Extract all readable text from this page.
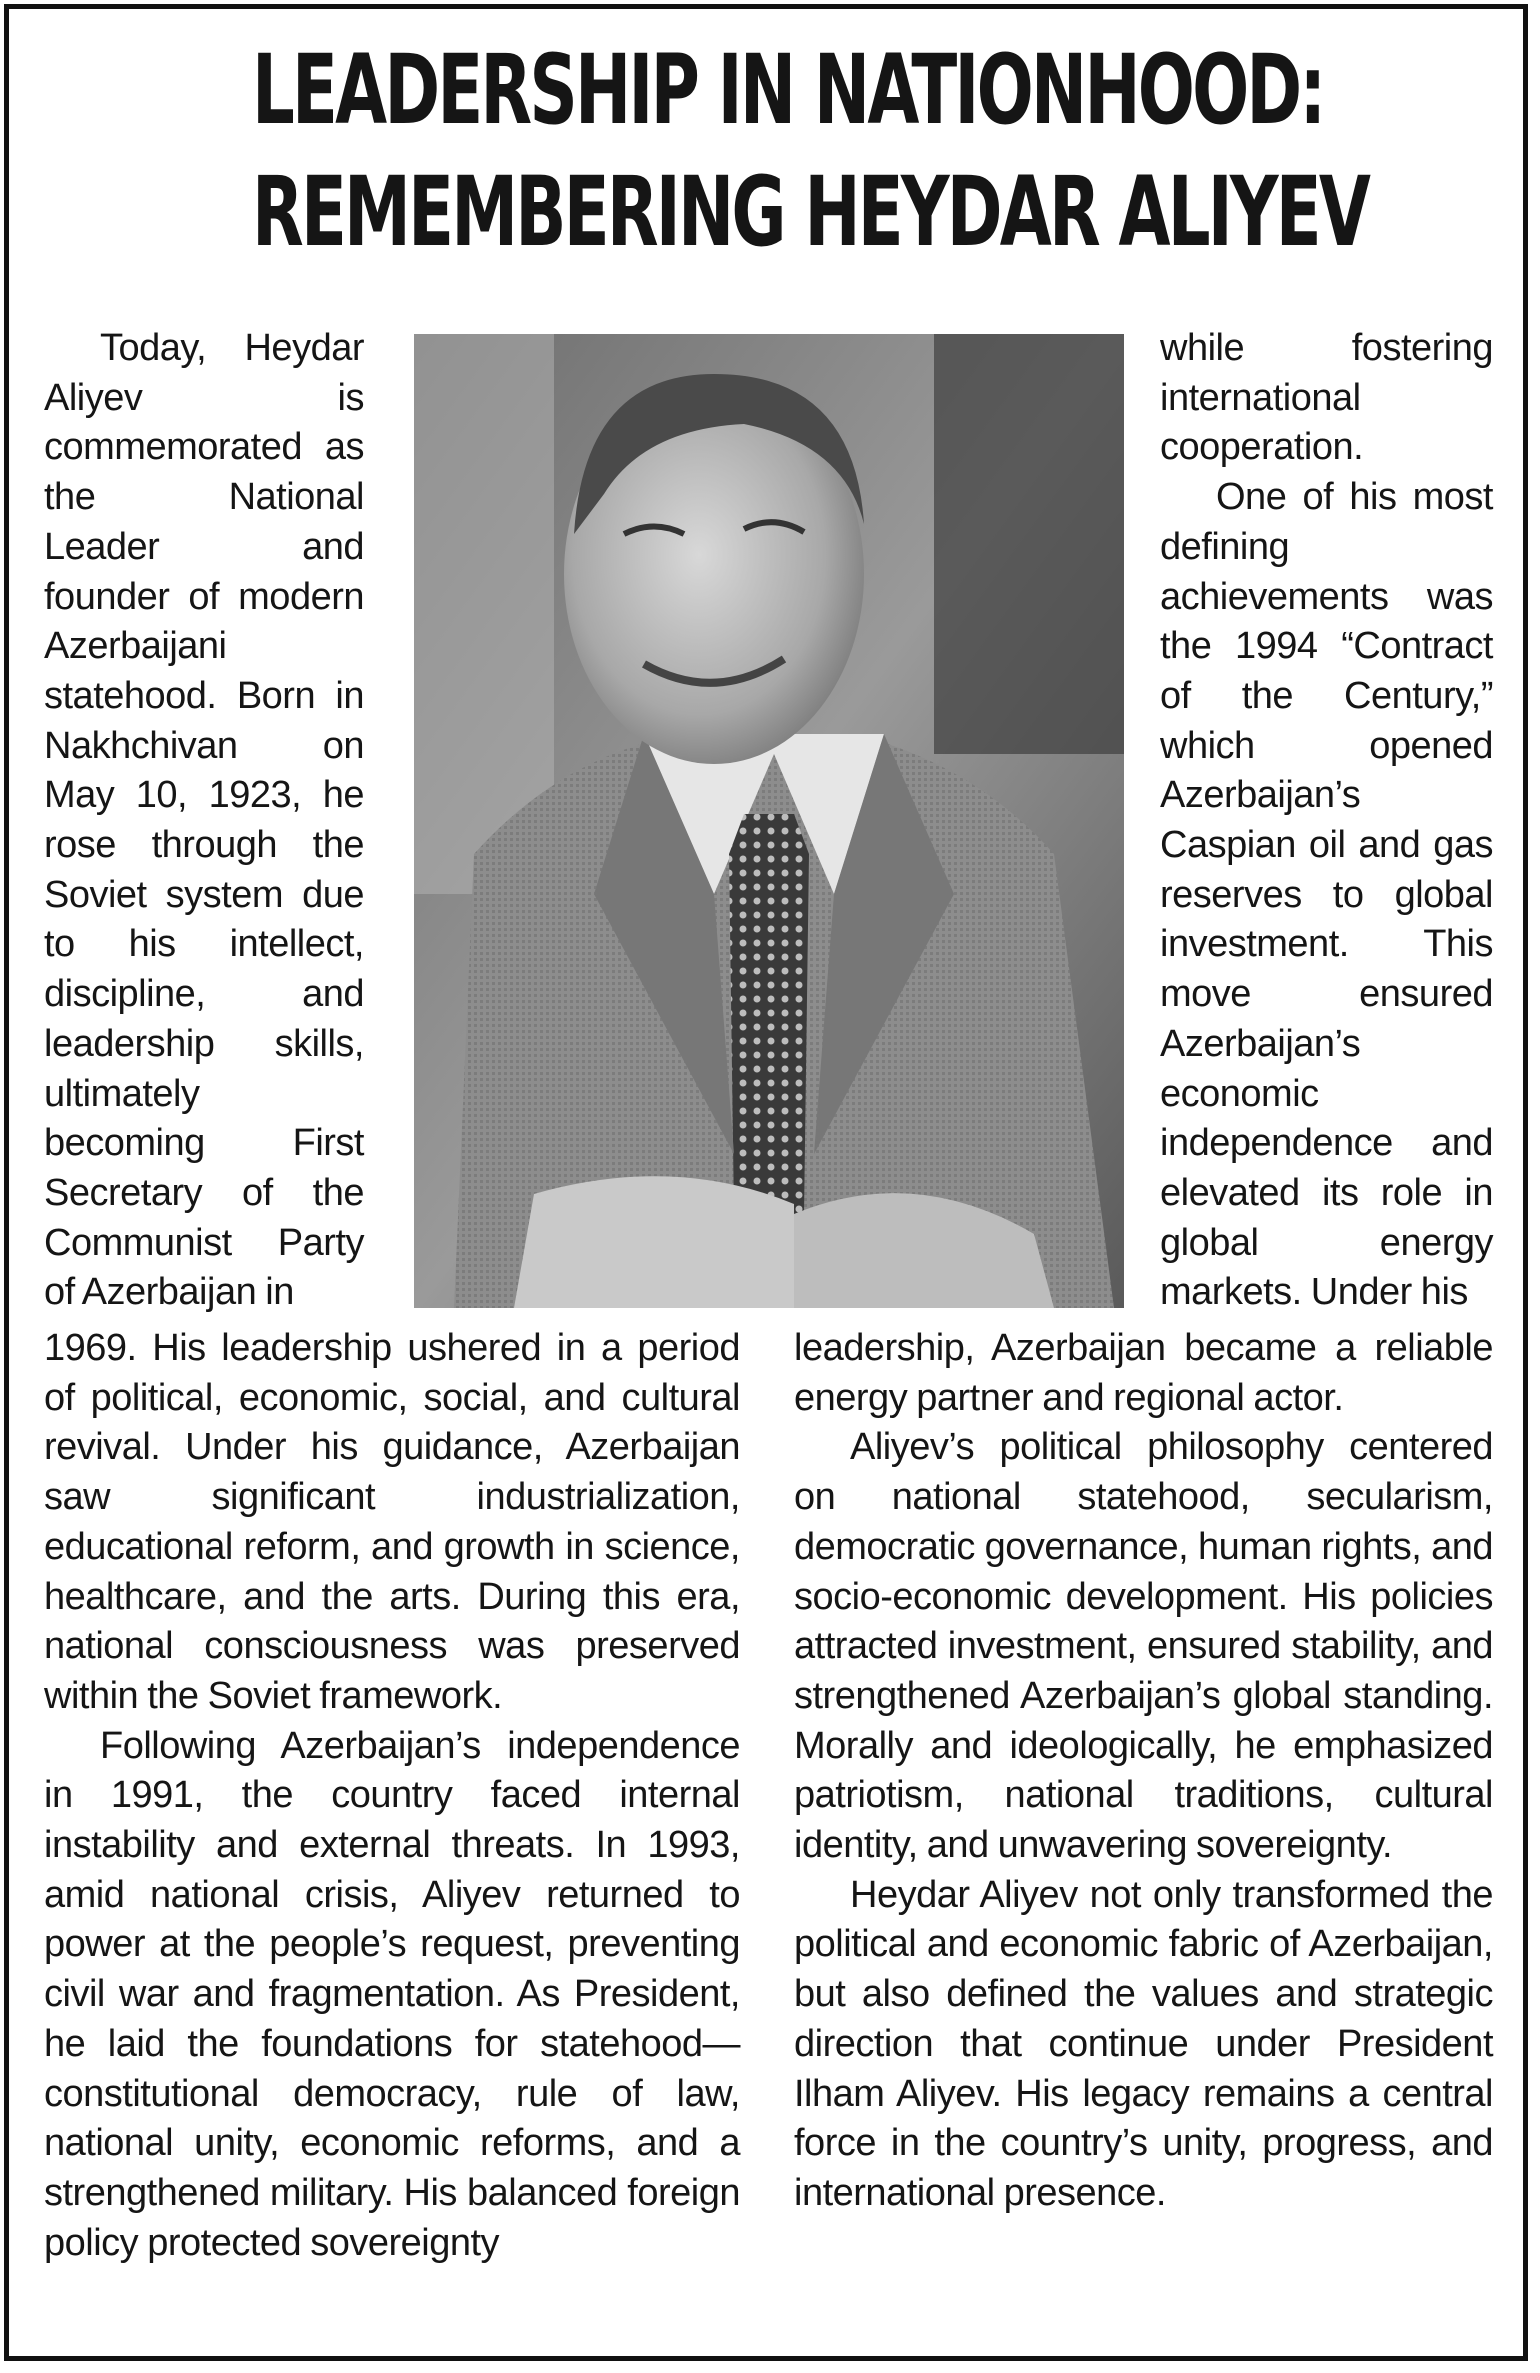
LEADERSHIP IN NATIONHOOD:
REMEMBERING HEYDAR ALIYEV

Today, Heydar Aliyev is commemorated as the National Leader and founder of modern Azerbaijani statehood. Born in Nakhchivan on May 10, 1923, he rose through the Soviet system due to his intellect, discipline, and leadership skills, ultimately becoming First Secretary of the Communist Party of Azerbaijan in

while fostering international cooperation.

One of his most defining achievements was the 1994 “Contract of the Century,” which opened Azerbaijan’s Caspian oil and gas reserves to global investment. This move ensured Azerbaijan’s economic independence and elevated its role in global energy markets. Under his

1969. His leadership ushered in a period of political, economic, social, and cultural revival. Under his guidance, Azerbaijan saw significant industrialization, educational reform, and growth in science, healthcare, and the arts. During this era, national consciousness was preserved within the Soviet framework.

Following Azerbaijan’s independence in 1991, the country faced internal instability and external threats. In 1993, amid national crisis, Aliyev returned to power at the people’s request, preventing civil war and fragmentation. As President, he laid the foundations for statehood—constitutional democracy, rule of law, national unity, economic reforms, and a strengthened military. His balanced foreign policy protected sovereignty

leadership, Azerbaijan became a reliable energy partner and regional actor.

Aliyev’s political philosophy centered on national statehood, secularism, democratic governance, human rights, and socio-economic development. His policies attracted investment, ensured stability, and strengthened Azerbaijan’s global standing. Morally and ideologically, he emphasized patriotism, national traditions, cultural identity, and unwavering sovereignty.

Heydar Aliyev not only transformed the political and economic fabric of Azerbaijan, but also defined the values and strategic direction that continue under President Ilham Aliyev. His legacy remains a central force in the country’s unity, progress, and international presence.
